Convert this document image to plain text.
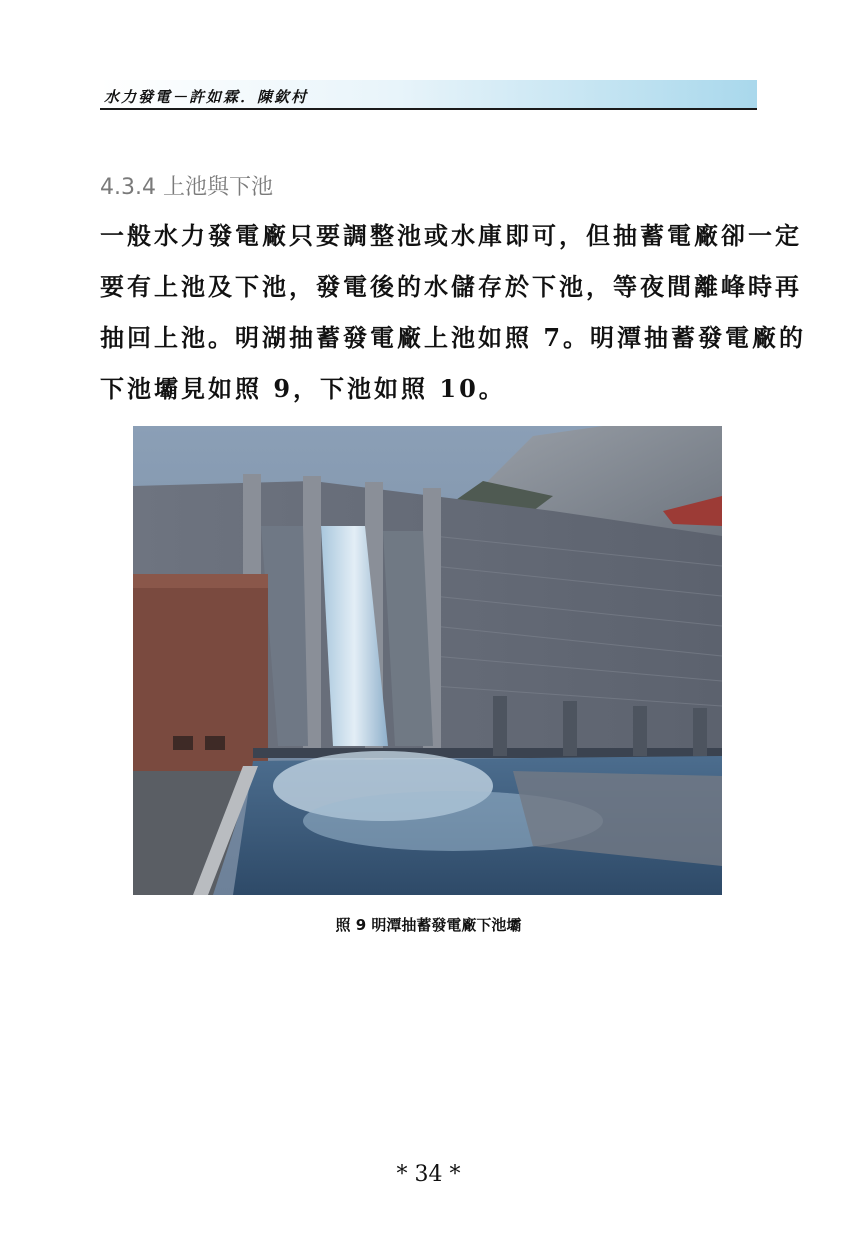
水力發電－許如霖．陳欽村
4.3.4 上池與下池
一般水力發電廠只要調整池或水庫即可，但抽蓄電廠卻一定
要有上池及下池，發電後的水儲存於下池，等夜間離峰時再
抽回上池。明湖抽蓄發電廠上池如照 7。明潭抽蓄發電廠的
下池壩見如照 9，下池如照 10。
照 9 明潭抽蓄發電廠下池壩
* 34 *
